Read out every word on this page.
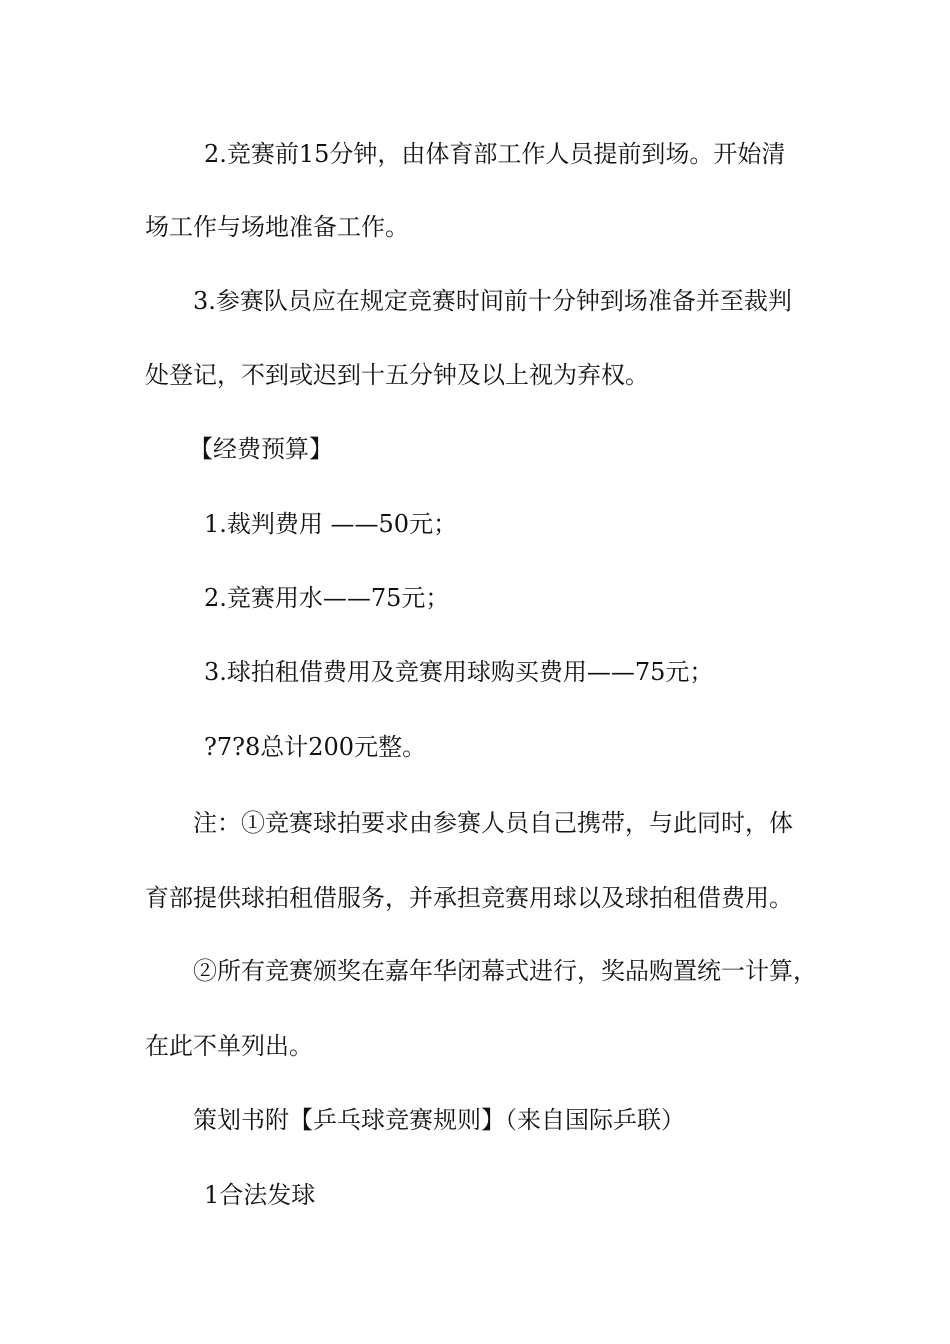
2.竞赛前15分钟，由体育部工作人员提前到场。开始清
场工作与场地准备工作。
3.参赛队员应在规定竞赛时间前十分钟到场准备并至裁判
处登记，不到或迟到十五分钟及以上视为弃权。
【经费预算】
1.裁判费用 ——50元；
2.竞赛用水——75元；
3.球拍租借费用及竞赛用球购买费用——75元；
?7?8总计200元整。
注：①竞赛球拍要求由参赛人员自己携带，与此同时，体
育部提供球拍租借服务，并承担竞赛用球以及球拍租借费用。
②所有竞赛颁奖在嘉年华闭幕式进行，奖品购置统一计算，
在此不单列出。
策划书附【乒乓球竞赛规则】（来自国际乒联）
1合法发球
